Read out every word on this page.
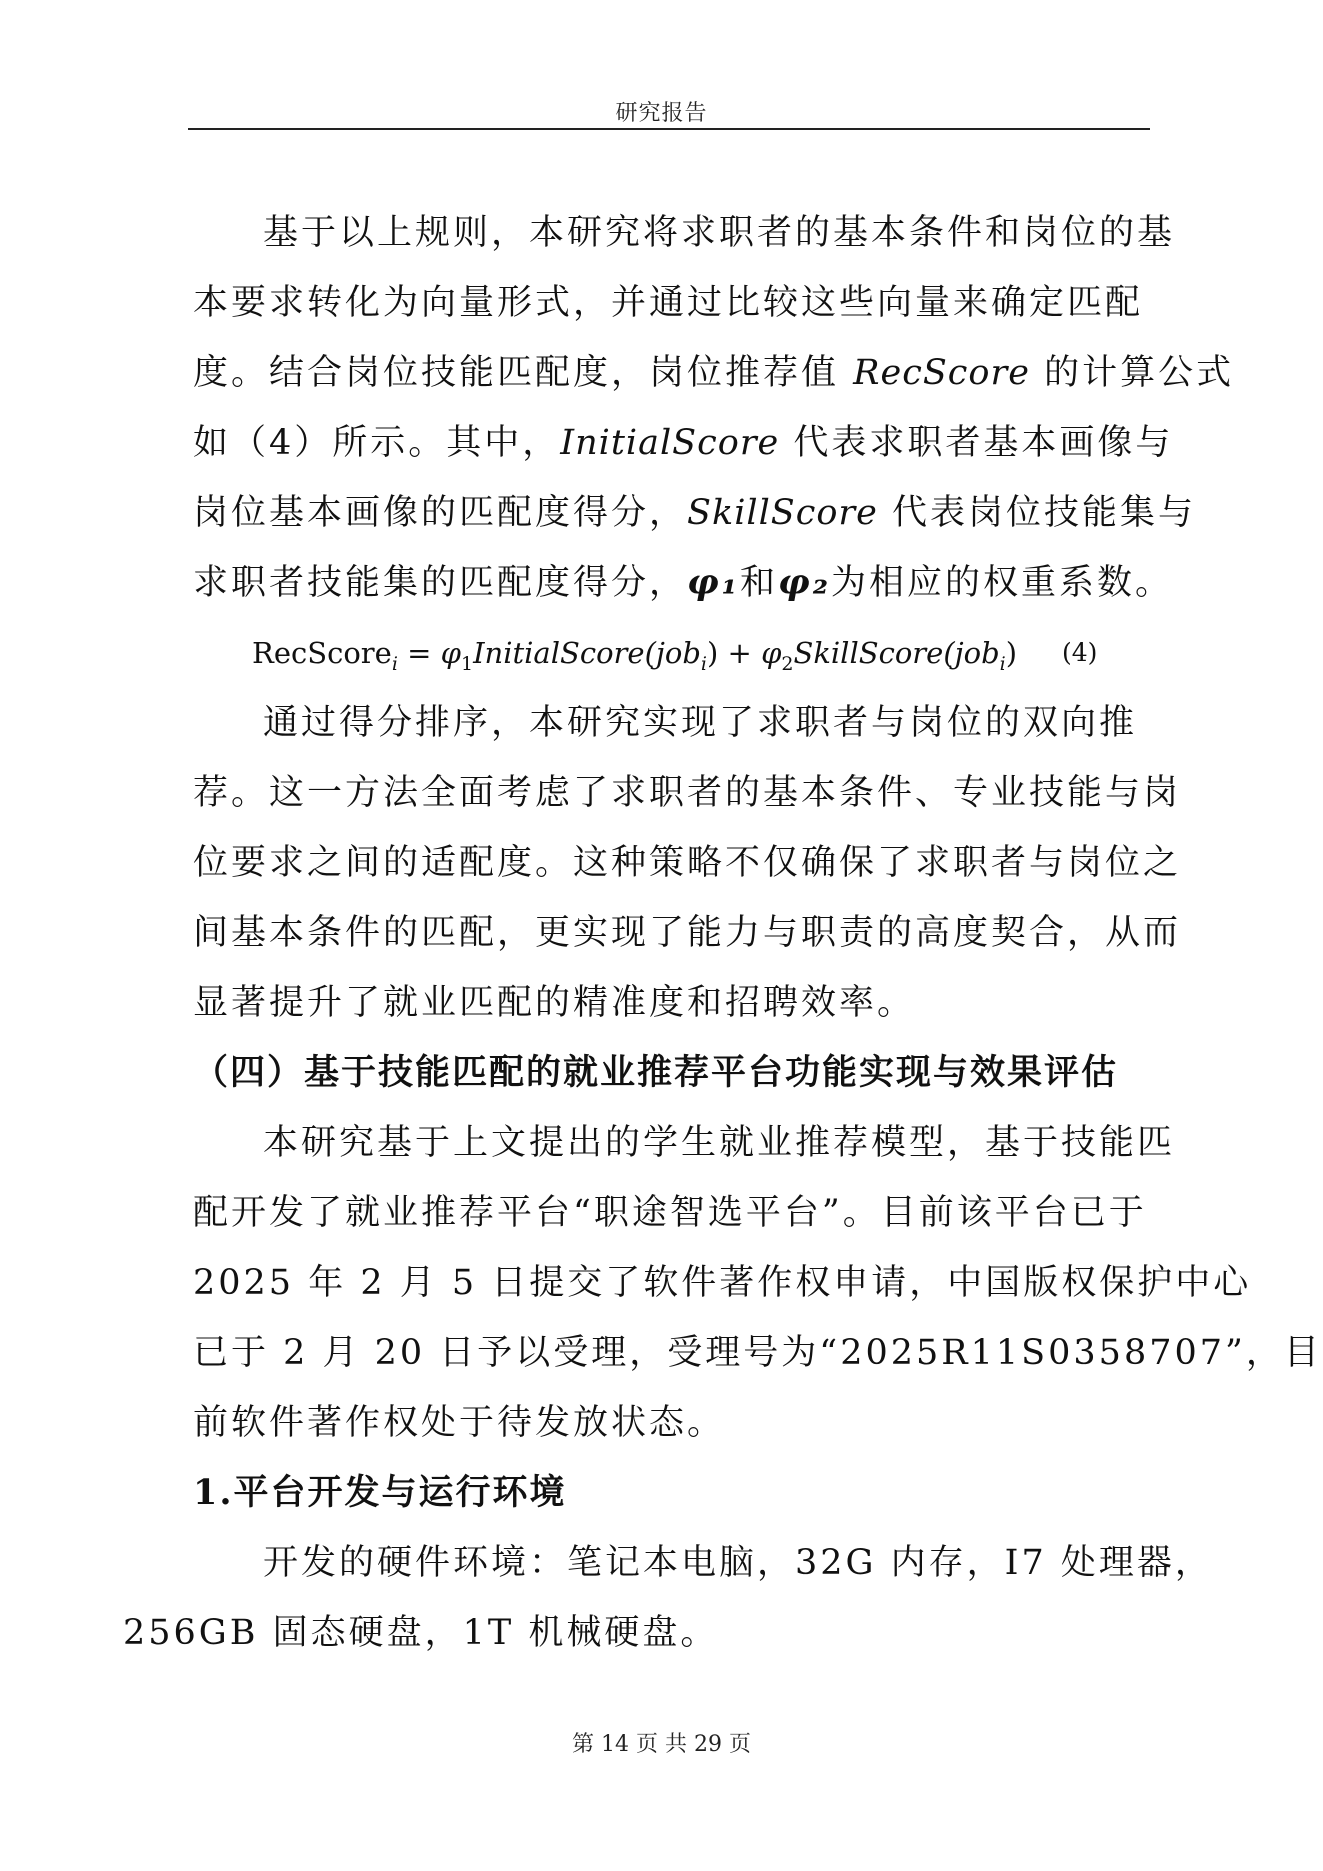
研究报告

基于以上规则，本研究将求职者的基本条件和岗位的基
本要求转化为向量形式，并通过比较这些向量来确定匹配
度。结合岗位技能匹配度，岗位推荐值 RecScore 的计算公式
如（4）所示。其中，InitialScore 代表求职者基本画像与
岗位基本画像的匹配度得分，SkillScore 代表岗位技能集与
求职者技能集的匹配度得分，φ₁和φ₂为相应的权重系数。

RecScore$_i$ = $\varphi_1InitialScore(job_i)$ + $\varphi_2SkillScore(job_i)$ (4)

通过得分排序，本研究实现了求职者与岗位的双向推
荐。这一方法全面考虑了求职者的基本条件、专业技能与岗
位要求之间的适配度。这种策略不仅确保了求职者与岗位之
间基本条件的匹配，更实现了能力与职责的高度契合，从而
显著提升了就业匹配的精准度和招聘效率。

（四）基于技能匹配的就业推荐平台功能实现与效果评估

本研究基于上文提出的学生就业推荐模型，基于技能匹
配开发了就业推荐平台“职途智选平台”。目前该平台已于
2025 年 2 月 5 日提交了软件著作权申请，中国版权保护中心
已于 2 月 20 日予以受理，受理号为“2025R11S0358707”，目
前软件著作权处于待发放状态。

1.平台开发与运行环境

开发的硬件环境：笔记本电脑，32G 内存，I7 处理器，
256GB 固态硬盘，1T 机械硬盘。

第 14 页 共 29 页
